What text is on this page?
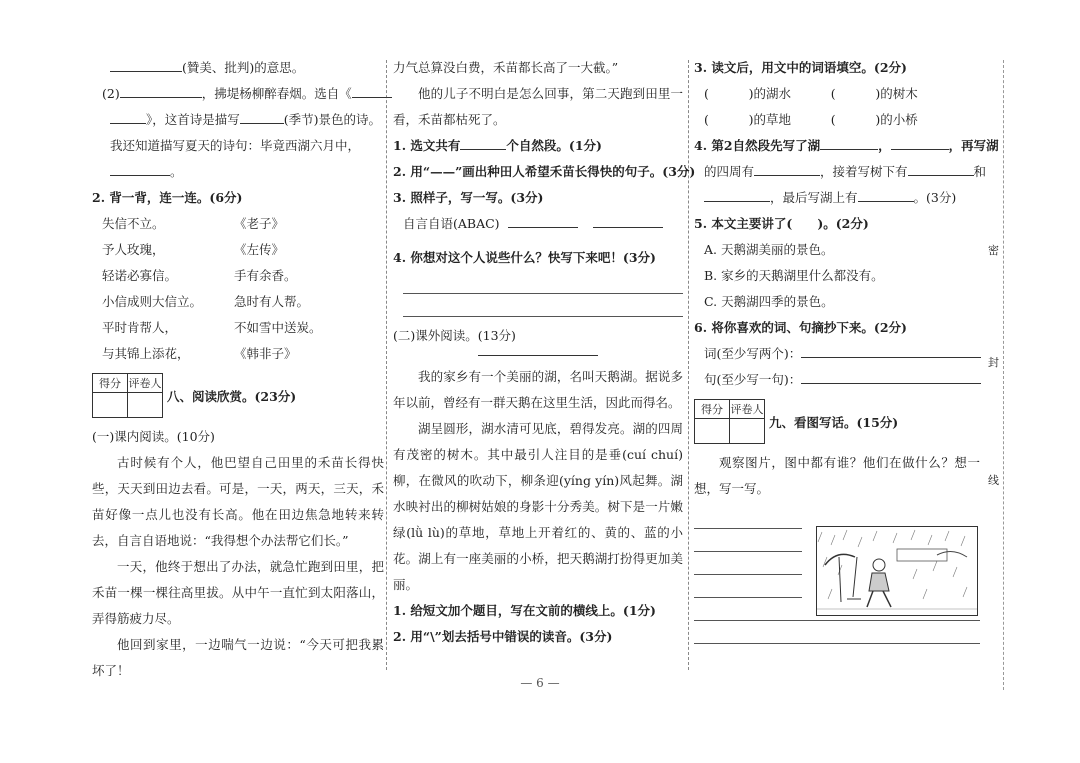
密
封
线
(贊美、批判)的意思。
(2)	，拂堤杨柳醉春烟。选自《
》，这首诗是描写	(季节)景色的诗。
我还知道描写夏天的诗句：毕竟西湖六月中，
。
2. 背一背，连一连。(6分)
失信不立。	《老子》
予人玫瑰，	《左传》
轻诺必寡信。	手有余香。
小信成则大信立。	急时有人帮。
平时肯帮人，	不如雪中送炭。
与其锦上添花，	《韩非子》
得分	评卷人

八、阅读欣赏。(23分)
(一)课内阅读。(10分)
古时候有个人，他巴望自己田里的禾苗长得快些，天天到田边去看。可是，一天，两天，三天，禾苗好像一点儿也没有长高。他在田边焦急地转来转去，自言自语地说：“我得想个办法帮它们长。”
一天，他终于想出了办法，就急忙跑到田里，把禾苗一棵一棵往高里拔。从中午一直忙到太阳落山，弄得筋疲力尽。
他回到家里，一边喘气一边说：“今天可把我累坏了！
力气总算没白费，禾苗都长高了一大截。”
他的儿子不明白是怎么回事，第二天跑到田里一看，禾苗都枯死了。
1. 选文共有	个自然段。(1分)
2. 用“——”画出种田人希望禾苗长得快的句子。(3分)
3. 照样子，写一写。(3分)
自言自语(ABAC)
4. 你想对这个人说些什么？快写下来吧！(3分)
(二)课外阅读。(13分)
我的家乡有一个美丽的湖，名叫天鹅湖。据说多年以前，曾经有一群天鹅在这里生活，因此而得名。
湖呈圆形，湖水清可见底，碧得发亮。湖的四周有茂密的树木。其中最引人注目的是垂(cuí chuí)柳，在微风的吹动下，柳条迎(yíng yín)风起舞。湖水映衬出的柳树姑娘的身影十分秀美。树下是一片嫩绿(lǜ lù)的草地，草地上开着红的、黄的、蓝的小花。湖上有一座美丽的小桥，把天鹅湖打扮得更加美丽。
1. 给短文加个题目，写在文前的横线上。(1分)
2. 用“\”划去括号中错误的读音。(3分)
3. 读文后，用文中的词语填空。(2分)
(	)的湖水	(	)的树木
(	)的草地	(	)的小桥
4. 第2自然段先写了湖	，	，再写湖
的四周有	，接着写树下有	和
，最后写湖上有	。(3分)
5. 本文主要讲了(　　)。(2分)
A. 天鹅湖美丽的景色。
B. 家乡的天鹅湖里什么都没有。
C. 天鹅湖四季的景色。
6. 将你喜欢的词、句摘抄下来。(2分)
词(至少写两个)：
句(至少写一句)：
得分	评卷人

九、看图写话。(15分)
观察图片，图中都有谁？他们在做什么？想一想，写一写。
— 6 —
